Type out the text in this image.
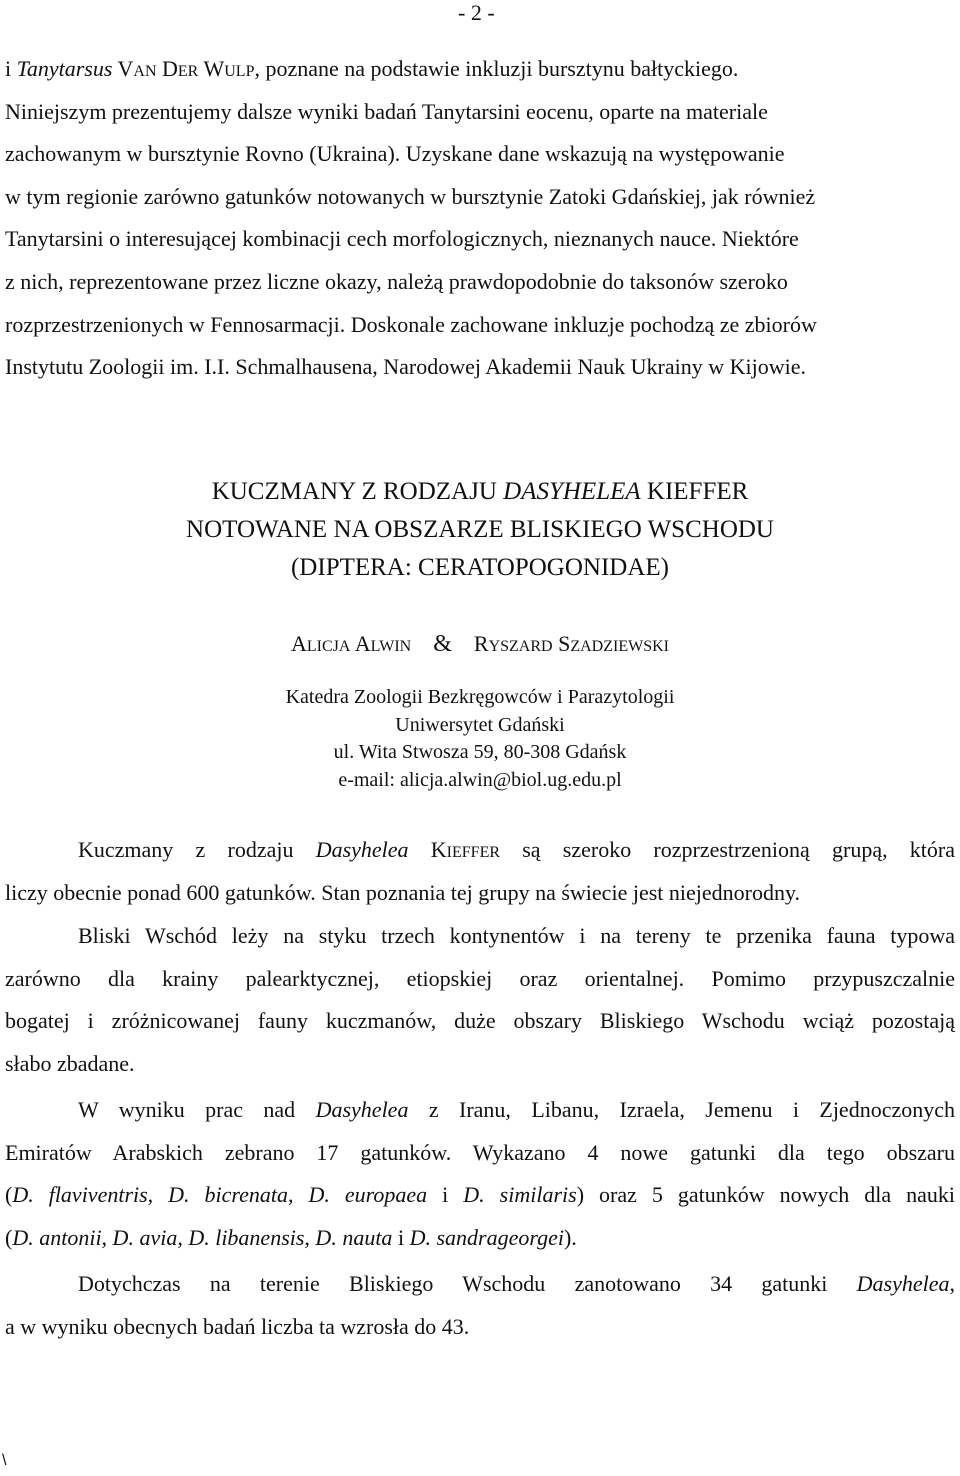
- 2 -
i Tanytarsus VAN DER WULP, poznane na podstawie inkluzji bursztynu bałtyckiego.
Niniejszym prezentujemy dalsze wyniki badań Tanytarsini eocenu, oparte na materiale
zachowanym w bursztynie Rovno (Ukraina). Uzyskane dane wskazują na występowanie
w tym regionie zarówno gatunków notowanych w bursztynie Zatoki Gdańskiej, jak również
Tanytarsini o interesującej kombinacji cech morfologicznych, nieznanych nauce. Niektóre
z nich, reprezentowane przez liczne okazy, należą prawdopodobnie do taksonów szeroko
rozprzestrzenionych w Fennosarmacji. Doskonale zachowane inkluzje pochodzą ze zbiorów
Instytutu Zoologii im. I.I. Schmalhausena, Narodowej Akademii Nauk Ukrainy w Kijowie.
KUCZMANY Z RODZAJU DASYHELEA KIEFFER
NOTOWANE NA OBSZARZE BLISKIEGO WSCHODU
(DIPTERA: CERATOPOGONIDAE)
ALICJA ALWIN & RYSZARD SZADZIEWSKI
Katedra Zoologii Bezkręgowców i Parazytologii
Uniwersytet Gdański
ul. Wita Stwosza 59, 80-308 Gdańsk
e-mail: alicja.alwin@biol.ug.edu.pl
Kuczmany z rodzaju Dasyhelea KIEFFER są szeroko rozprzestrzenioną grupą, która
liczy obecnie ponad 600 gatunków. Stan poznania tej grupy na świecie jest niejednorodny.
Bliski Wschód leży na styku trzech kontynentów i na tereny te przenika fauna typowa
zarówno dla krainy palearktycznej, etiopskiej oraz orientalnej. Pomimo przypuszczalnie
bogatej i zróżnicowanej fauny kuczmanów, duże obszary Bliskiego Wschodu wciąż pozostają
słabo zbadane.
W wyniku prac nad Dasyhelea z Iranu, Libanu, Izraela, Jemenu i Zjednoczonych
Emiratów Arabskich zebrano 17 gatunków. Wykazano 4 nowe gatunki dla tego obszaru
(D. flaviventris, D. bicrenata, D. europaea i D. similaris) oraz 5 gatunków nowych dla nauki
(D. antonii, D. avia, D. libanensis, D. nauta i D. sandrageorgei).
Dotychczas na terenie Bliskiego Wschodu zanotowano 34 gatunki Dasyhelea,
a w wyniku obecnych badań liczba ta wzrosła do 43.
\
